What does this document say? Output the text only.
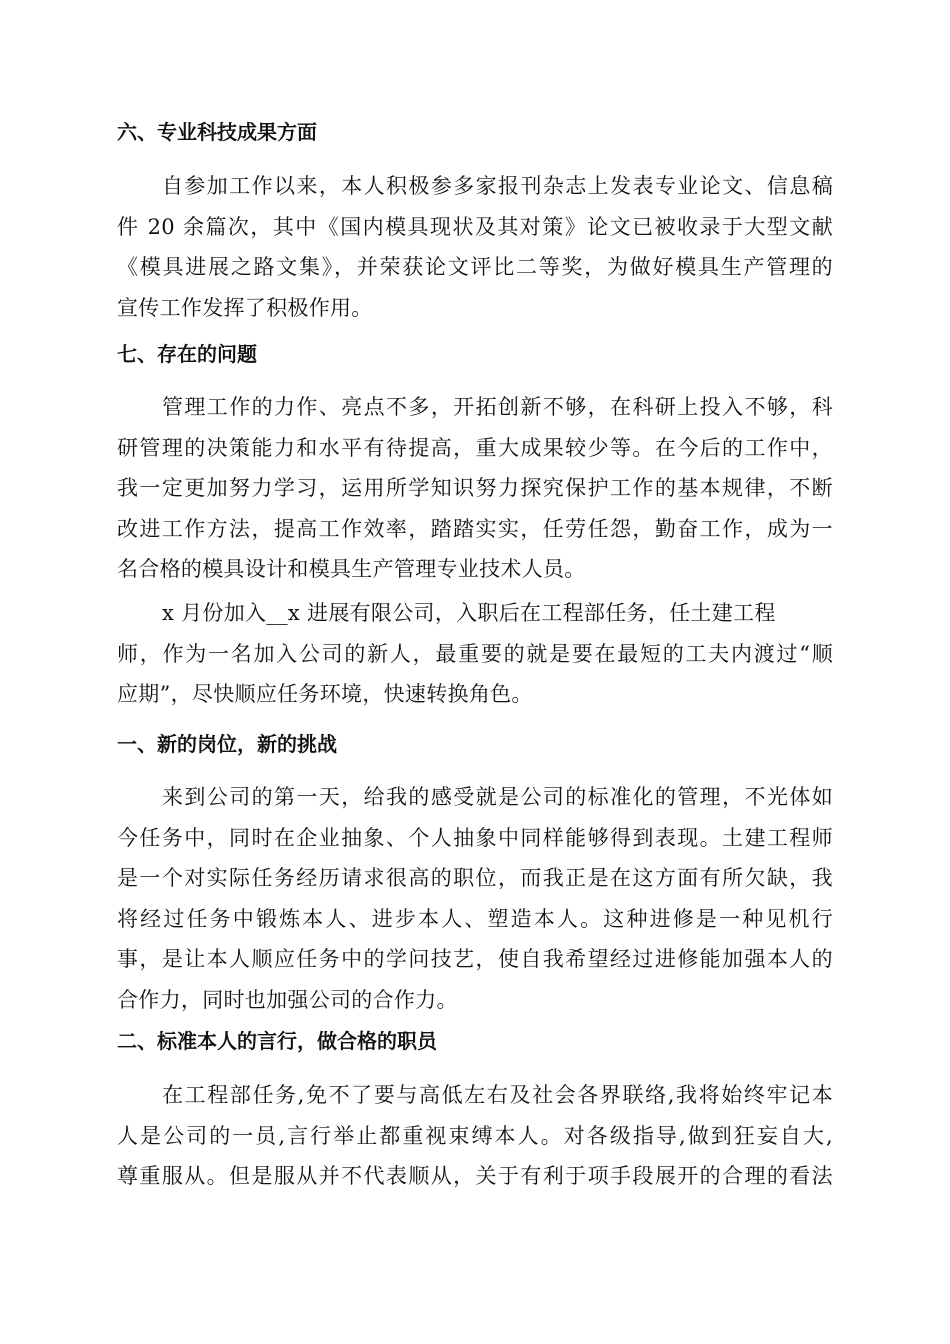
六、专业科技成果方面

自参加工作以来，本人积极参多家报刊杂志上发表专业论文、信息稿
件 20 余篇次，其中《国内模具现状及其对策》论文已被收录于大型文献
《模具进展之路文集》，并荣获论文评比二等奖，为做好模具生产管理的
宣传工作发挥了积极作用。

七、存在的问题

管理工作的力作、亮点不多，开拓创新不够，在科研上投入不够，科
研管理的决策能力和水平有待提高，重大成果较少等。在今后的工作中，
我一定更加努力学习，运用所学知识努力探究保护工作的基本规律，不断
改进工作方法，提高工作效率，踏踏实实，任劳任怨，勤奋工作，成为一
名合格的模具设计和模具生产管理专业技术人员。

x 月份加入__x 进展有限公司，入职后在工程部任务，任土建工程
师，作为一名加入公司的新人，最重要的就是要在最短的工夫内渡过“顺
应期”，尽快顺应任务环境，快速转换角色。

一、新的岗位，新的挑战

来到公司的第一天，给我的感受就是公司的标准化的管理，不光体如
今任务中，同时在企业抽象、个人抽象中同样能够得到表现。土建工程师
是一个对实际任务经历请求很高的职位，而我正是在这方面有所欠缺，我
将经过任务中锻炼本人、进步本人、塑造本人。这种进修是一种见机行
事，是让本人顺应任务中的学问技艺，使自我希望经过进修能加强本人的
合作力，同时也加强公司的合作力。

二、标准本人的言行，做合格的职员

在工程部任务,免不了要与高低左右及社会各界联络,我将始终牢记本
人是公司的一员,言行举止都重视束缚本人。对各级指导,做到狂妄自大,
尊重服从。但是服从并不代表顺从，关于有利于项手段展开的合理的看法
